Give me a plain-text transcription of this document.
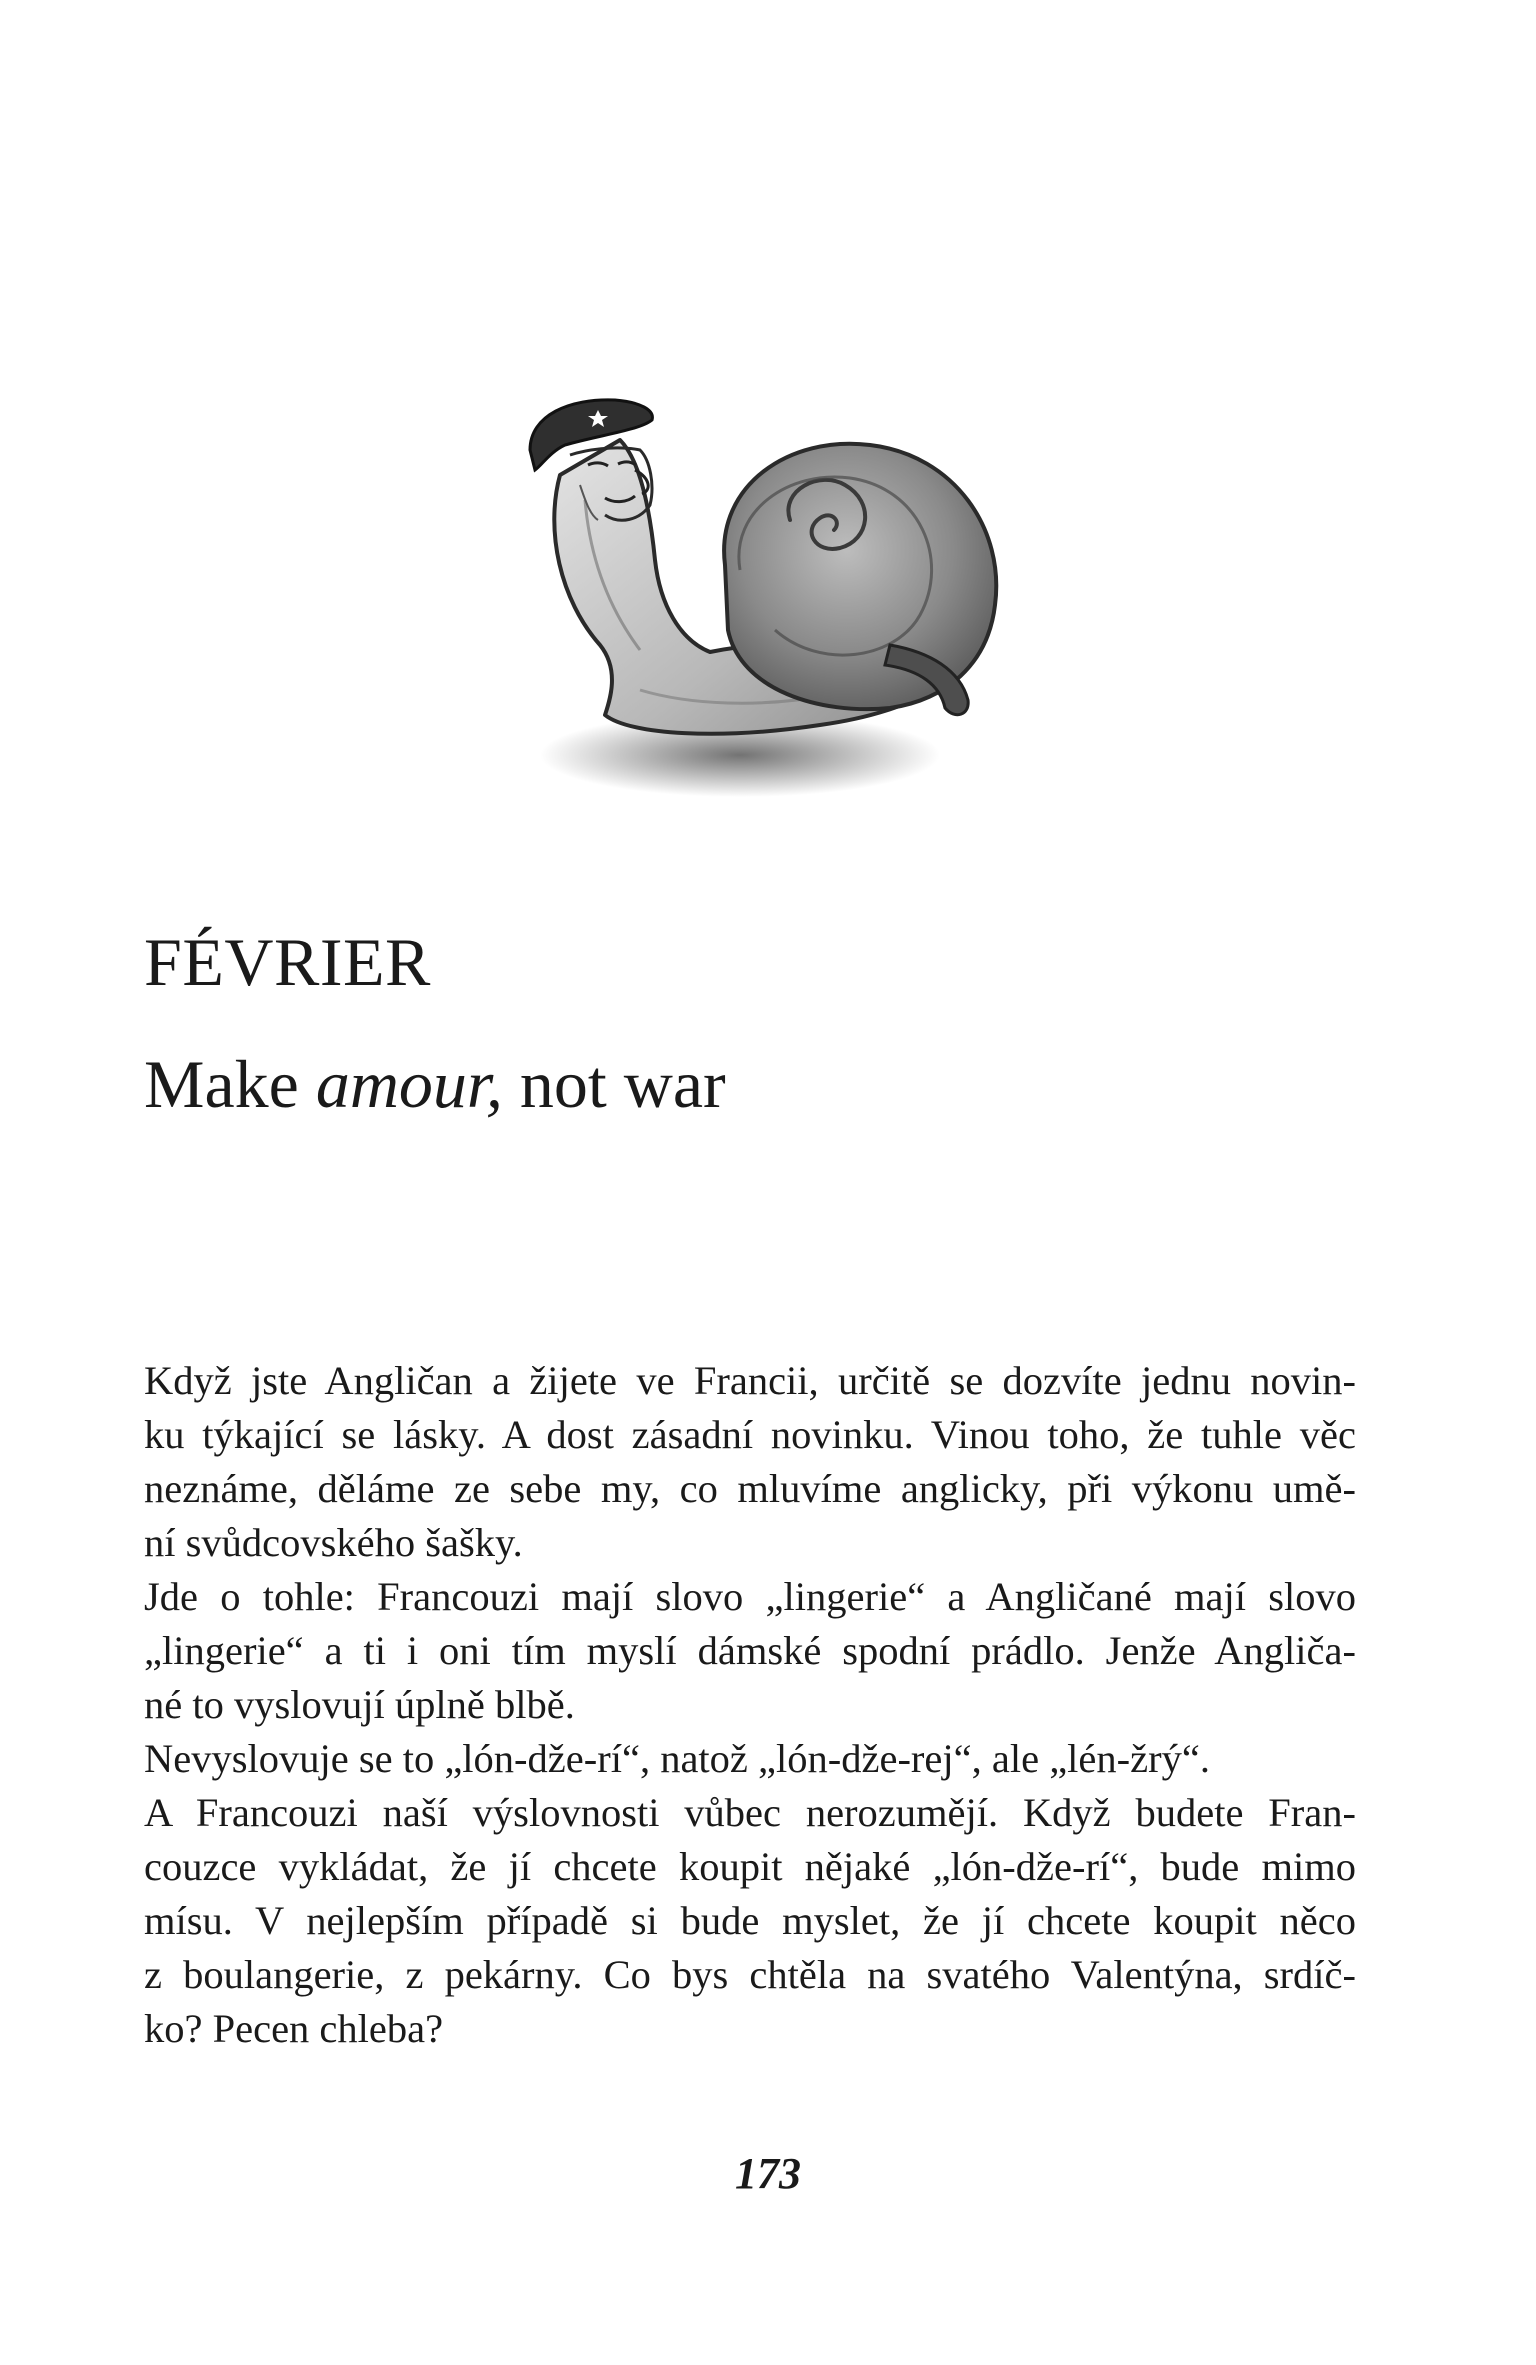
FÉVRIER
Make amour, not war

Když jste Angličan a žijete ve Francii, určitě se dozvíte jednu novin-
ku týkající se lásky. A dost zásadní novinku. Vinou toho, že tuhle věc
neznáme, děláme ze sebe my, co mluvíme anglicky, při výkonu umě-
ní svůdcovského šašky.

Jde o tohle: Francouzi mají slovo „lingerie“ a Angličané mají slovo
„lingerie“ a ti i oni tím myslí dámské spodní prádlo. Jenže Angliča-
né to vyslovují úplně blbě.

Nevyslovuje se to „lón-dže-rí“, natož „lón-dže-rej“, ale „lén-žrý“.

A Francouzi naší výslovnosti vůbec nerozumějí. Když budete Fran-
couzce vykládat, že jí chcete koupit nějaké „lón-dže-rí“, bude mimo
mísu. V nejlepším případě si bude myslet, že jí chcete koupit něco
z boulangerie, z pekárny. Co bys chtěla na svatého Valentýna, srdíč-
ko? Pecen chleba?

173
